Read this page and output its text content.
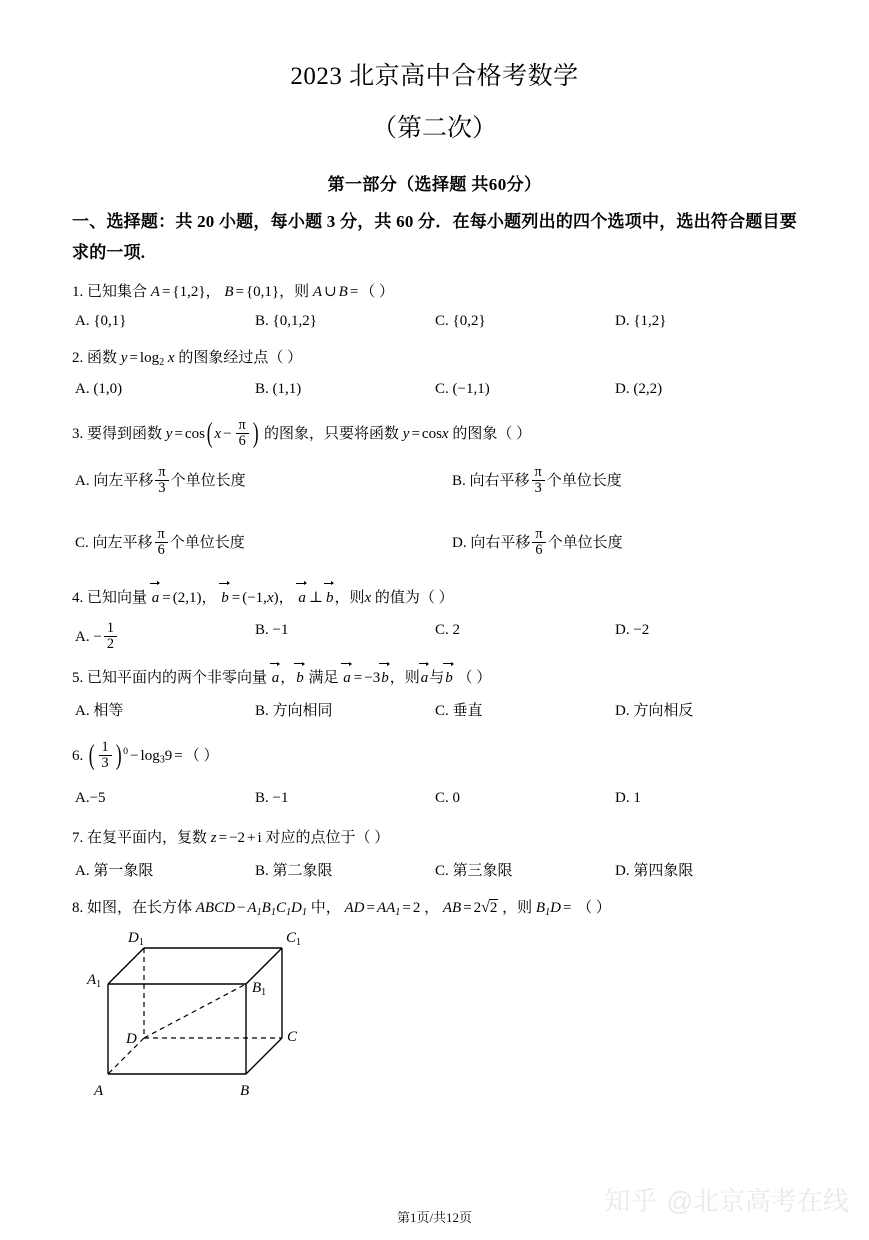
2023 北京高中合格考数学
（第二次）
第一部分（选择题 共60分）

一、选择题：共 20 小题，每小题 3 分，共 60 分．在每小题列出的四个选项中，选出符合题目要求的一项.

1. 已知集合 A = {1,2}， B = {0,1}，则 A ∪ B = （ ）
A. {0,1}	B. {0,1,2}	C. {0,2}	D. {1,2}
2. 函数 y = log2 x 的图象经过点（ ）
A. (1,0)	B. (1,1)	C. (−1,1)	D. (2,2)
3. 要得到函数 y = cos( $x - \frac{\pi}{6}$ ) 的图象，只要将函数 y = cosx 的图象（ ）
A. 向左平移 $\frac{\pi}{3}$ 个单位长度	B. 向右平移 $\frac{\pi}{3}$ 个单位长度
C. 向左平移 $\frac{\pi}{6}$ 个单位长度	D. 向右平移 $\frac{\pi}{6}$ 个单位长度
4. 已知向量 a = (2,1)， b = (−1,x)， a ⊥ b，则x 的值为（ ）
A. − $\frac{1}{2}$	B. −1	C. 2	D. −2
5. 已知平面内的两个非零向量 a，b 满足 a = −3b，则a与b （ ）
A. 相等	B. 方向相同	C. 垂直	D. 方向相反
6. ( $\frac{1}{3}$ ) $^0$ − log39 = （ ）
A.−5	B. −1	C. 0	D. 1
7. 在复平面内，复数 z = −2 + i 对应的点位于（ ）
A. 第一象限	B. 第二象限	C. 第三象限	D. 第四象限
8. 如图，在长方体 ABCD − $A_1B_1C_1D_1$ 中， AD = $AA_1 = 2$ ， AB = 2√2 ，则 $B_1D$ = （ ）
$D_1$	$C_1$
$A_1$	$B_1$
D	C
A	B
知乎 @北京高考在线
第1页/共12页
